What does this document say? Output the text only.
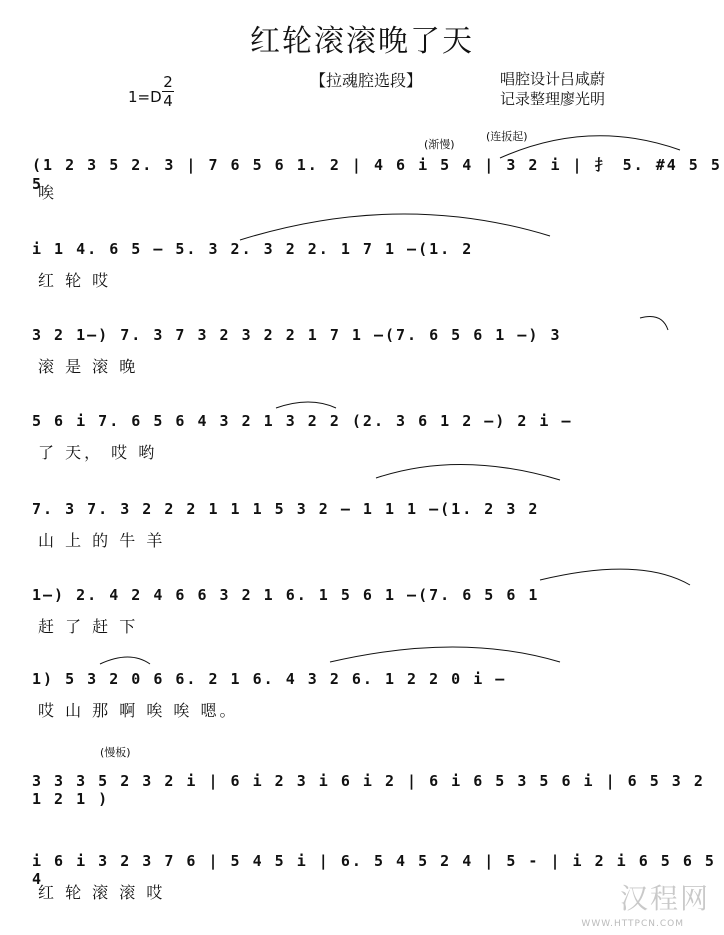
红轮滚滚晚了天
1=D
2
4
【拉魂腔选段】	唱腔设计吕咸蔚
记录整理廖光明
(渐慢)
(连扳起)
(1 2 3 5 2. 3 | 7 6 5 6 1. 2 | 4 6 i 5 4 | 3 2 i | ⺘ 5. #4 5 5 5
唉
i 1 4. 6 5 — 5. 3 2. 3 2 2. 1 7 1 —(1. 2
红 轮 哎
3 2 1—) 7. 3 7 3 2 3 2 2 1 7 1 —(7. 6 5 6 1 —) 3
滚 是 滚 晚
5 6 i 7. 6 5 6 4 3 2 1 3 2 2 (2. 3 6 1 2 —) 2 i —
了 天， 哎 哟
7. 3 7. 3 2 2 2 1 1 1 5 3 2 — 1 1 1 —(1. 2 3 2
山 上 的 牛 羊
1—) 2. 4 2 4 6 6 3 2 1 6. 1 5 6 1 —(7. 6 5 6 1
赶 了 赶 下
1) 5 3 2 0 6 6. 2 1 6. 4 3 2 6. 1 2 2 0 i —
哎 山 那 啊 唉 唉 嗯。
(慢板)
3 3 3 5 2 3 2 i | 6 i 2 3 i 6 i 2 | 6 i 6 5 3 5 6 i | 6 5 3 2 1 2 1 )
i 6 i 3 2 3 7 6 | 5 4 5 i | 6. 5 4 5 2 4 | 5 - | i 2 i 6 5 6 5 4
红 轮 滚 滚 哎	汉程网
WWW.HTTPCN.COM
